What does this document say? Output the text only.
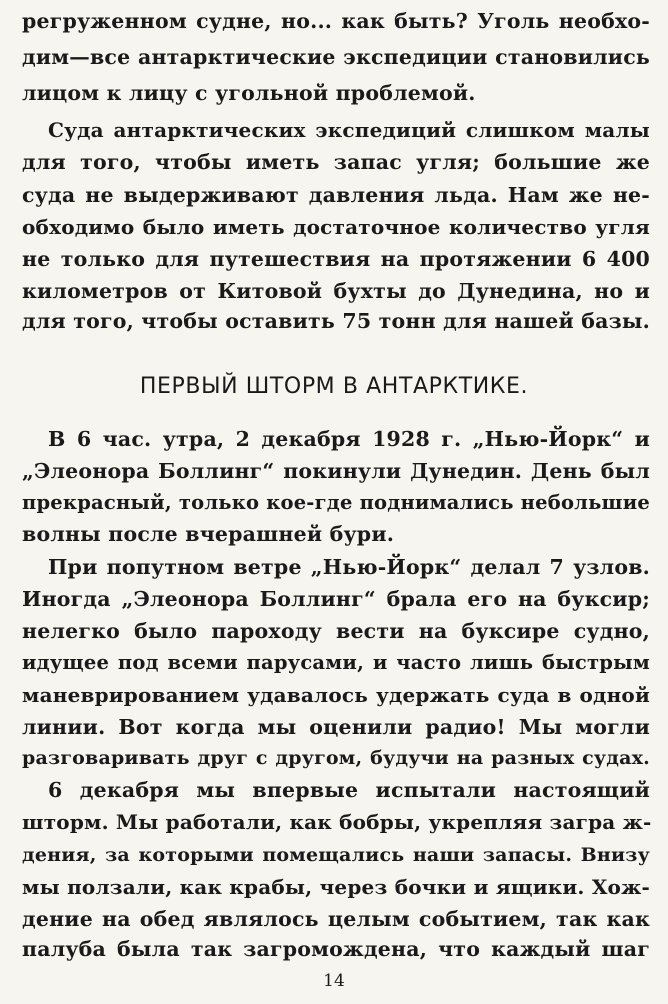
регруженном судне, но... как быть? Уголь необхо-
дим—все антарктические экспедиции становились
лицом к лицу с угольной проблемой.
Суда антарктических экспедиций слишком малы
для того, чтобы иметь запас угля; большие же
суда не выдерживают давления льда. Нам же не-
обходимо было иметь достаточное количество угля
не только для путешествия на протяжении 6 400
километров от Китовой бухты до Дунедина, но и
для того, чтобы оставить 75 тонн для нашей базы.
ПЕРВЫЙ ШТОРМ В АНТАРКТИКЕ.
В 6 час. утра, 2 декабря 1928 г. „Нью-Йорк“ и
„Элеонора Боллинг“ покинули Дунедин. День был
прекрасный, только кое-где поднимались небольшие
волны после вчерашней бури.
При попутном ветре „Нью-Йорк“ делал 7 узлов.
Иногда „Элеонора Боллинг“ брала его на буксир;
нелегко было пароходу вести на буксире судно,
идущее под всеми парусами, и часто лишь быстрым
маневрированием удавалось удержать суда в одной
линии. Вот когда мы оценили радио! Мы могли
разговаривать друг с другом, будучи на разных судах.
6 декабря мы впервые испытали настоящий
шторм. Мы работали, как бобры, укрепляя загра ж-
дения, за которыми помещались наши запасы. Внизу
мы ползали, как крабы, через бочки и ящики. Хож-
дение на обед являлось целым событием, так как
палуба была так загромождена, что каждый шаг
14
